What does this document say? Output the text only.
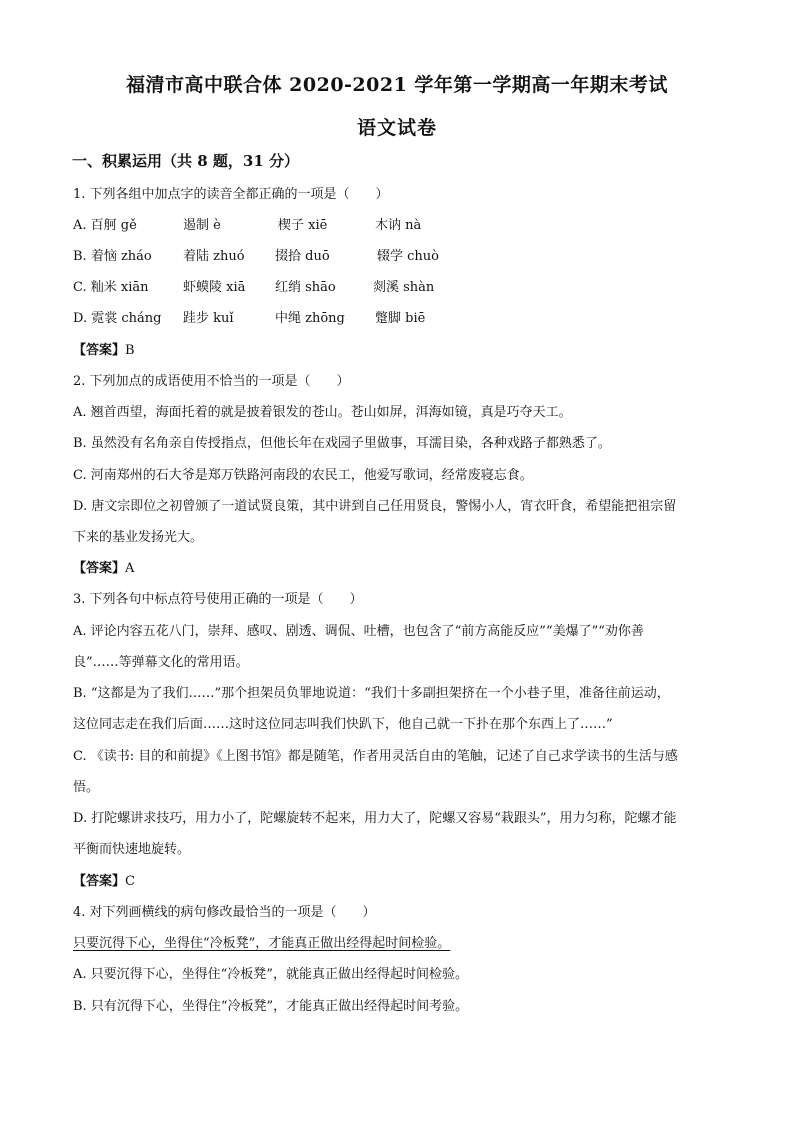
福清市高中联合体 2020-2021 学年第一学期高一年期末考试
语文试卷
一、积累运用（共 8 题，31 分）
1. 下列各组中加点字的读音全都正确的一项是（　　）
A. 百舸 gě	遏制 è	楔子 xiē	木讷 nà
B. 着恼 zháo 着陆 zhuó 掇拾 duō	辍学 chuò
C. 籼米 xiān	虾蟆陵 xiā 红绡 shāo	剡溪 shàn
D. 霓裳 cháng 跬步 kuǐ	中绳 zhōng 蹩脚 biē
【答案】B
2. 下列加点的成语使用不恰当的一项是（　　）
A. 翘首西望，海面托着的就是披着银发的苍山。苍山如屏，洱海如镜，真是巧夺天工。
B. 虽然没有名角亲自传授指点，但他长年在戏园子里做事，耳濡目染，各种戏路子都熟悉了。
C. 河南郑州的石大爷是郑万铁路河南段的农民工，他爱写歌词，经常废寝忘食。
D. 唐文宗即位之初曾颁了一道试贤良策，其中讲到自己任用贤良，警惕小人，宵衣旰食，希望能把祖宗留
下来的基业发扬光大。
【答案】A
3. 下列各句中标点符号使用正确的一项是（　　）
A. 评论内容五花八门，崇拜、感叹、剧透、调侃、吐槽，也包含了“前方高能反应”“美爆了”“劝你善
良”……等弹幕文化的常用语。
B. “这都是为了我们……”那个担架员负罪地说道：“我们十多副担架挤在一个小巷子里，准备往前运动，
这位同志走在我们后面……这时这位同志叫我们快趴下，他自己就一下扑在那个东西上了……”
C. 《读书: 目的和前提》《上图书馆》都是随笔，作者用灵活自由的笔触，记述了自己求学读书的生活与感
悟。
D. 打陀螺讲求技巧，用力小了，陀螺旋转不起来，用力大了，陀螺又容易“栽跟头”，用力匀称，陀螺才能
平衡而快速地旋转。
【答案】C
4. 对下列画横线的病句修改最恰当的一项是（　　）
只要沉得下心，坐得住“冷板凳”，才能真正做出经得起时间检验。
A. 只要沉得下心，坐得住“冷板凳”，就能真正做出经得起时间检验。
B. 只有沉得下心，坐得住“冷板凳”，才能真正做出经得起时间考验。
